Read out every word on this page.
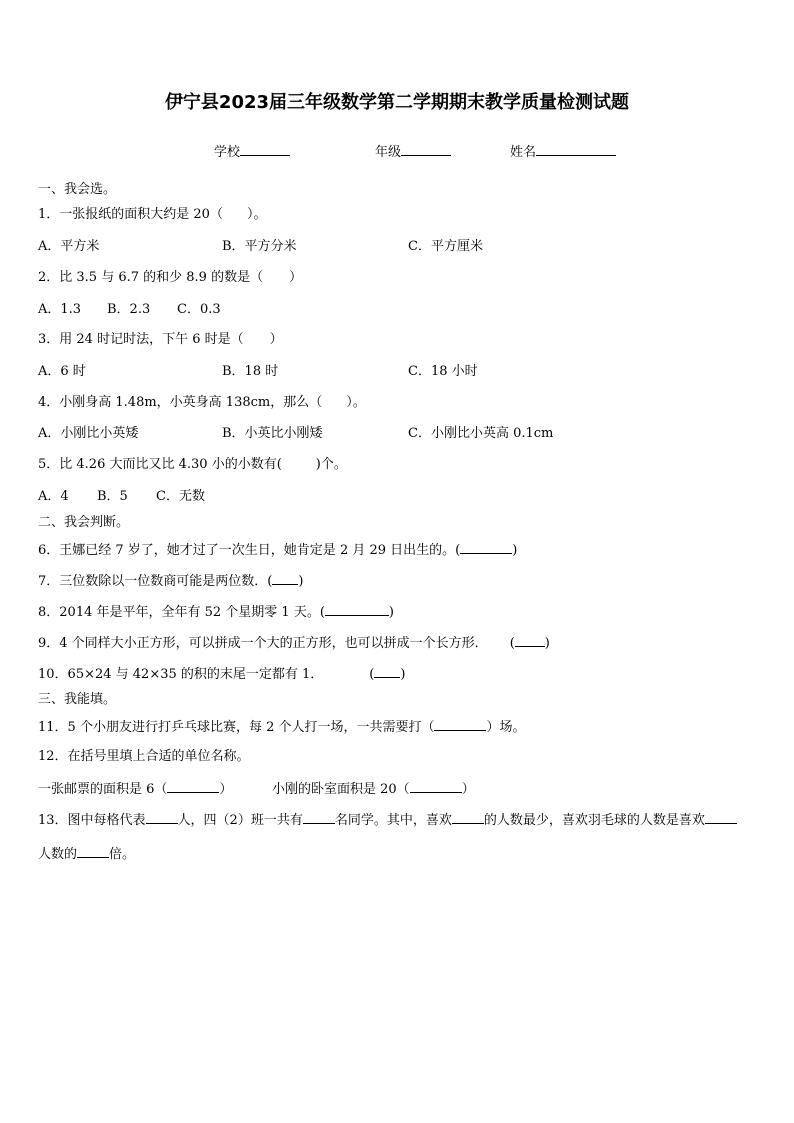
伊宁县2023届三年级数学第二学期期末教学质量检测试题
学校	年级	姓名
一、我会选。
1．一张报纸的面积大约是 20（ ）。
A．平方米	B．平方分米	C．平方厘米
2．比 3.5 与 6.7 的和少 8.9 的数是（ ）
A．1.3 B．2.3 C．0.3
3．用 24 时记时法，下午 6 时是（ ）
A．6 时	B．18 时	C．18 小时
4．小刚身高 1.48m，小英身高 138cm，那么（ ）。
A．小刚比小英矮	B．小英比小刚矮	C．小刚比小英高 0.1cm
5．比 4.26 大而比又比 4.30 小的小数有(	)个。
A．4 B．5 C．无数
二、我会判断。
6．王娜已经 7 岁了，她才过了一次生日，她肯定是 2 月 29 日出生的。(	)
7．三位数除以一位数商可能是两位数．( )
8．2014 年是平年，全年有 52 个星期零 1 天。(	)
9．4 个同样大小正方形，可以拼成一个大的正方形，也可以拼成一个长方形． ( )
10．65×24 与 42×35 的积的末尾一定都有 1．	( )
三、我能填。
11．5 个小朋友进行打乒乓球比赛，每 2 个人打一场，一共需要打（	）场。
12．在括号里填上合适的单位名称。
一张邮票的面积是 6（	）	小刚的卧室面积是 20（	）
13．图中每格代表 人，四（2）班一共有 名同学。其中，喜欢 的人数最少，喜欢羽毛球的人数是喜欢
人数的 倍。
